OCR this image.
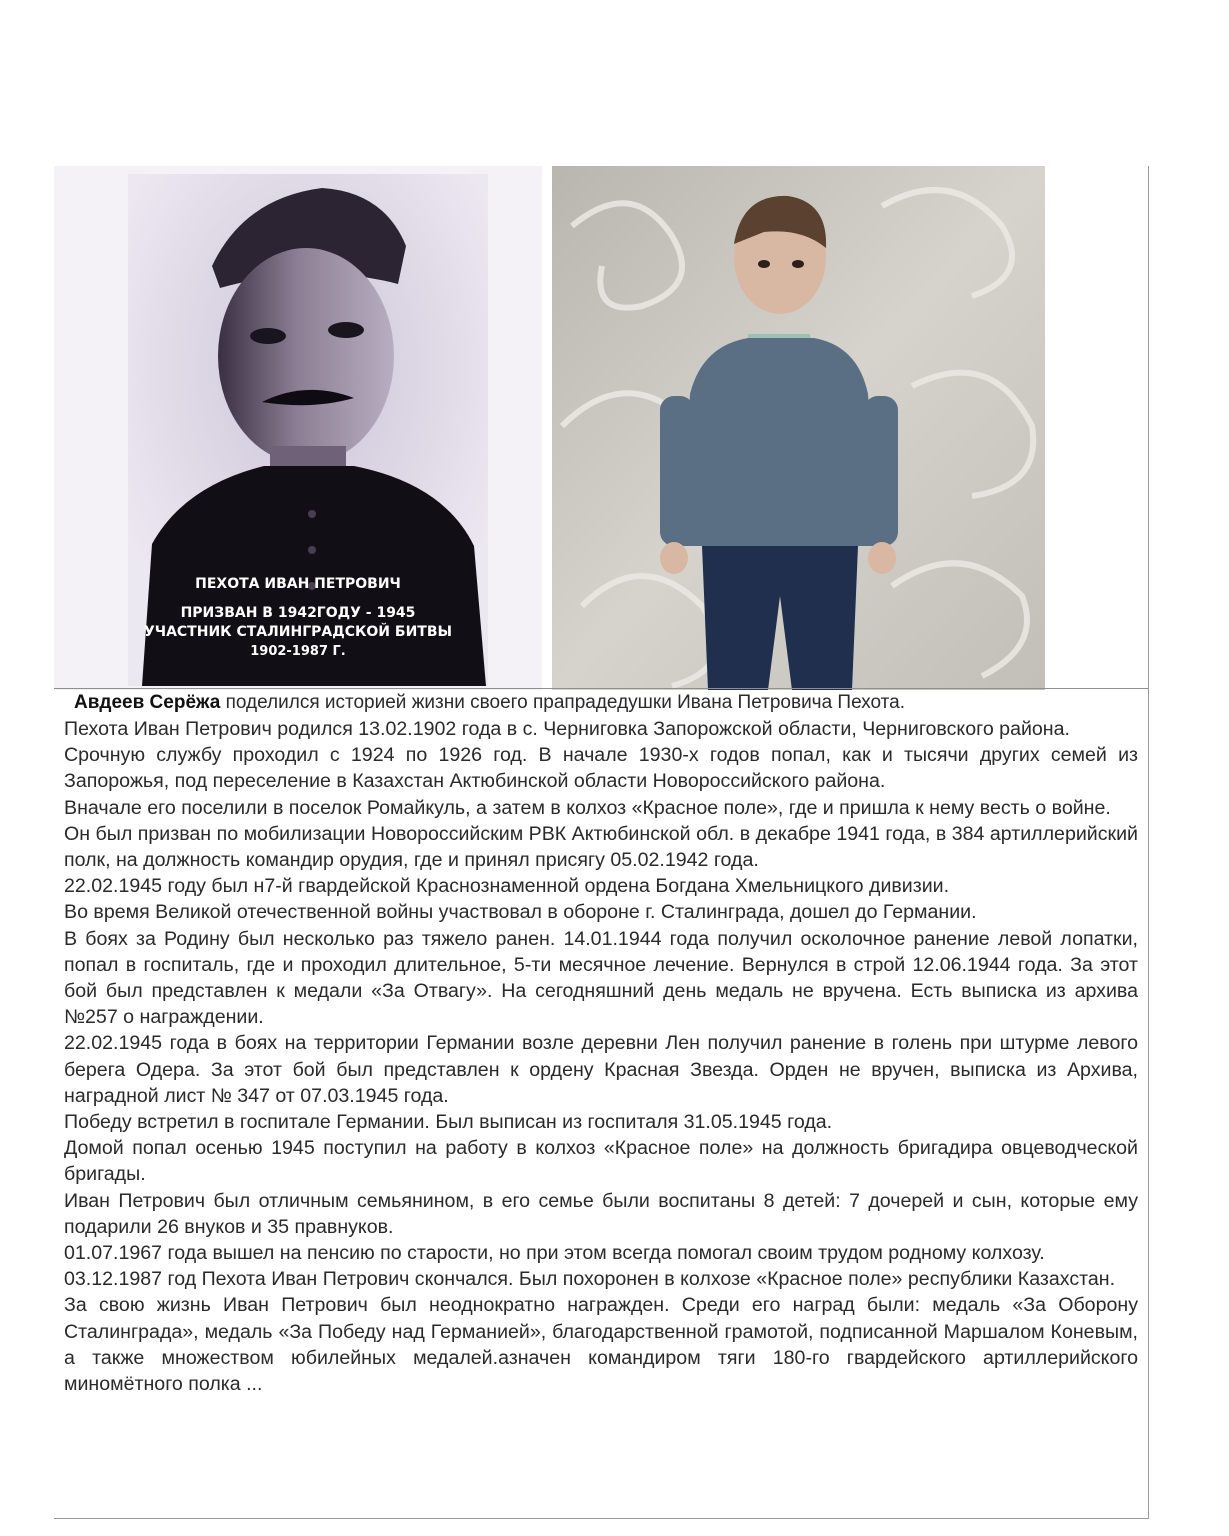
ПЕХОТА ИВАН ПЕТРОВИЧ
ПРИЗВАН В 1942ГОДУ - 1945
УЧАСТНИК СТАЛИНГРАДСКОЙ БИТВЫ
1902-1987 Г.
Авдеев Серёжа поделился историей жизни своего прапрадедушки Ивана Петровича Пехота.

Пехота Иван Петрович родился 13.02.1902 года в с. Черниговка Запорожской области, Черниговского района.

Срочную службу проходил с 1924 по 1926 год. В начале 1930-х годов попал, как и тысячи других семей из Запорожья, под переселение в Казахстан Актюбинской области Новороссийского района.

Вначале его поселили в поселок Ромайкуль, а затем в колхоз «Красное поле», где и пришла к нему весть о войне.

Он был призван по мобилизации Новороссийским РВК Актюбинской обл. в декабре 1941 года, в 384 артиллерийский полк, на должность командир орудия, где и принял присягу 05.02.1942 года.

22.02.1945 году был н7-й гвардейской Краснознаменной ордена Богдана Хмельницкого дивизии.

Во время Великой отечественной войны участвовал в обороне г. Сталинграда, дошел до Германии.

В боях за Родину был несколько раз тяжело ранен. 14.01.1944 года получил осколочное ранение левой лопатки, попал в госпиталь, где и проходил длительное, 5-ти месячное лечение. Вернулся в строй 12.06.1944 года. За этот бой был представлен к медали «За Отвагу». На сегодняшний день медаль не вручена. Есть выписка из архива №257 о награждении.

22.02.1945 года в боях на территории Германии возле деревни Лен получил ранение в голень при штурме левого берега Одера. За этот бой был представлен к ордену Красная Звезда. Орден не вручен, выписка из Архива, наградной лист № 347 от 07.03.1945 года.

Победу встретил в госпитале Германии. Был выписан из госпиталя 31.05.1945 года.

Домой попал осенью 1945 поступил на работу в колхоз «Красное поле» на должность бригадира овцеводческой бригады.

Иван Петрович был отличным семьянином, в его семье были воспитаны 8 детей: 7 дочерей и сын, которые ему подарили 26 внуков и 35 правнуков.

01.07.1967 года вышел на пенсию по старости, но при этом всегда помогал своим трудом родному колхозу.

03.12.1987 год Пехота Иван Петрович скончался. Был похоронен в колхозе «Красное поле» республики Казахстан.

За свою жизнь Иван Петрович был неоднократно награжден. Среди его наград были: медаль «За Оборону Сталинграда», медаль «За Победу над Германией», благодарственной грамотой, подписанной Маршалом Коневым, а также множеством юбилейных медалей.азначен командиром тяги 180-го гвардейского артиллерийского миномётного полка ...
